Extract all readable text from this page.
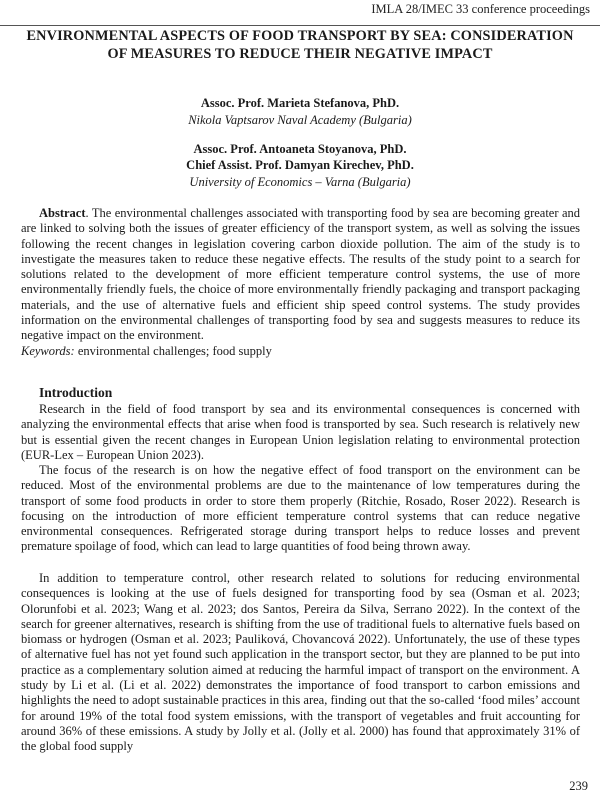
IMLA 28/IMEC 33 conference proceedings
ENVIRONMENTAL ASPECTS OF FOOD TRANSPORT BY SEA: CONSIDERATION OF MEASURES TO REDUCE THEIR NEGATIVE IMPACT

Assoc. Prof. Marieta Stefanova, PhD.

Nikola Vaptsarov Naval Academy (Bulgaria)

Assoc. Prof. Antoaneta Stoyanova, PhD.

Chief Assist. Prof. Damyan Kirechev, PhD.

University of Economics – Varna (Bulgaria)

Abstract. The environmental challenges associated with transporting food by sea are becoming greater and are linked to solving both the issues of greater efficiency of the transport system, as well as solving the issues following the recent changes in legislation covering carbon dioxide pollution. The aim of the study is to investigate the measures taken to reduce these negative effects. The results of the study point to a search for solutions related to the development of more efficient temperature control systems, the use of more environmentally friendly fuels, the choice of more environmentally friendly packaging and transport packaging materials, and the use of alternative fuels and efficient ship speed control systems. The study provides information on the environmental challenges of transporting food by sea and suggests measures to reduce its negative impact on the environment.
Keywords: environmental challenges; food supply

Introduction

Research in the field of food transport by sea and its environmental consequences is concerned with analyzing the environmental effects that arise when food is transported by sea. Such research is relatively new but is essential given the recent changes in European Union legislation relating to environmental protection (EUR-Lex – European Union 2023).

The focus of the research is on how the negative effect of food transport on the environment can be reduced. Most of the environmental problems are due to the maintenance of low temperatures during the transport of some food products in order to store them properly (Ritchie, Rosado, Roser 2022). Research is focusing on the introduction of more efficient temperature control systems that can reduce negative environmental consequences. Refrigerated storage during transport helps to reduce losses and prevent premature spoilage of food, which can lead to large quantities of food being thrown away.

In addition to temperature control, other research related to solutions for reducing environmental consequences is looking at the use of fuels designed for transporting food by sea (Osman et al. 2023; Olorunfobi et al. 2023; Wang et al. 2023; dos Santos, Pereira da Silva, Serrano 2022). In the context of the search for greener alternatives, research is shifting from the use of traditional fuels to alternative fuels based on biomass or hydrogen (Osman et al. 2023; Pauliková, Chovancová 2022). Unfortunately, the use of these types of alternative fuel has not yet found such application in the transport sector, but they are planned to be put into practice as a complementary solution aimed at reducing the harmful impact of transport on the environment. A study by Li et al. (Li et al. 2022) demonstrates the importance of food transport to carbon emissions and highlights the need to adopt sustainable practices in this area, finding out that the so-called ‘food miles’ account for around 19% of the total food system emissions, with the transport of vegetables and fruit accounting for around 36% of these emissions. A study by Jolly et al. (Jolly et al. 2000) has found that approximately 31% of the global food supply

239
